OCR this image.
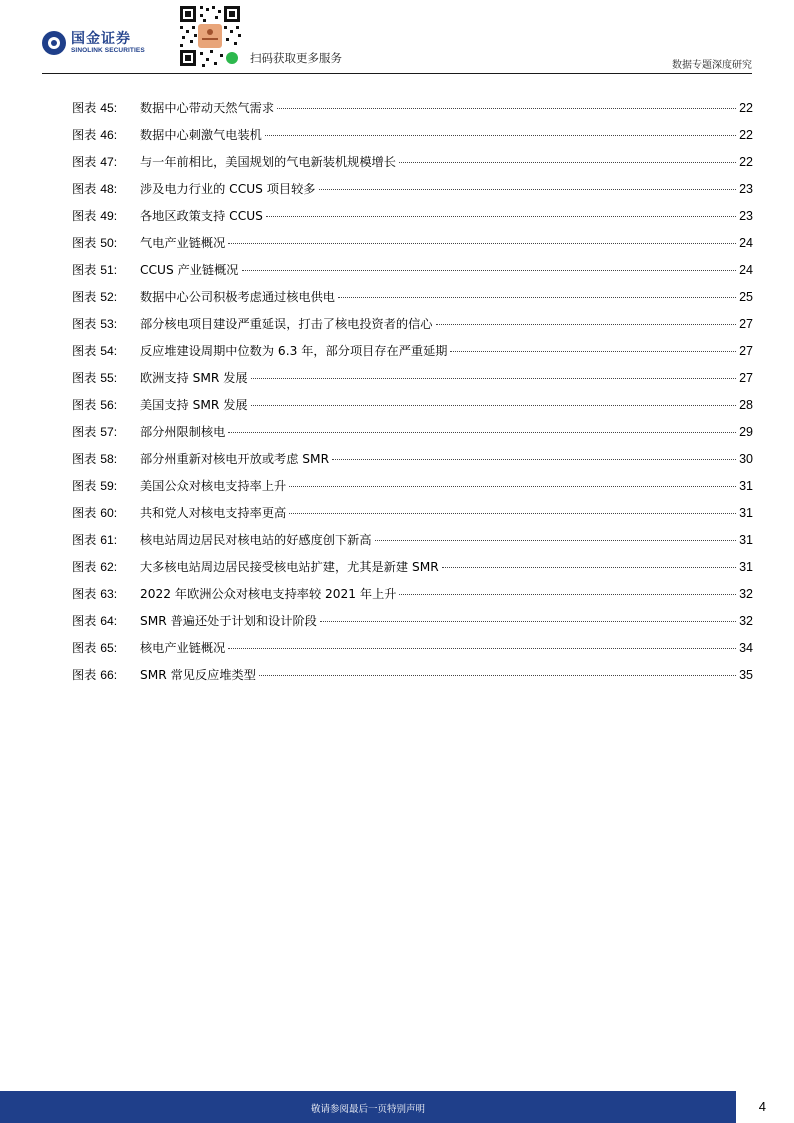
国金证券
SINOLINK SECURITIES
扫码获取更多服务
数据专题深度研究
图表 45:	数据中心带动天然气需求	22
图表 46:	数据中心刺激气电装机	22
图表 47:	与一年前相比，美国规划的气电新装机规模增长	22
图表 48:	涉及电力行业的 CCUS 项目较多	23
图表 49:	各地区政策支持 CCUS	23
图表 50:	气电产业链概况	24
图表 51:	CCUS 产业链概况	24
图表 52:	数据中心公司积极考虑通过核电供电	25
图表 53:	部分核电项目建设严重延误，打击了核电投资者的信心	27
图表 54:	反应堆建设周期中位数为 6.3 年，部分项目存在严重延期	27
图表 55:	欧洲支持 SMR 发展	27
图表 56:	美国支持 SMR 发展	28
图表 57:	部分州限制核电	29
图表 58:	部分州重新对核电开放或考虑 SMR	30
图表 59:	美国公众对核电支持率上升	31
图表 60:	共和党人对核电支持率更高	31
图表 61:	核电站周边居民对核电站的好感度创下新高	31
图表 62:	大多核电站周边居民接受核电站扩建，尤其是新建 SMR	31
图表 63:	2022 年欧洲公众对核电支持率较 2021 年上升	32
图表 64:	SMR 普遍还处于计划和设计阶段	32
图表 65:	核电产业链概况	34
图表 66:	SMR 常见反应堆类型	35
敬请参阅最后一页特别声明	4
